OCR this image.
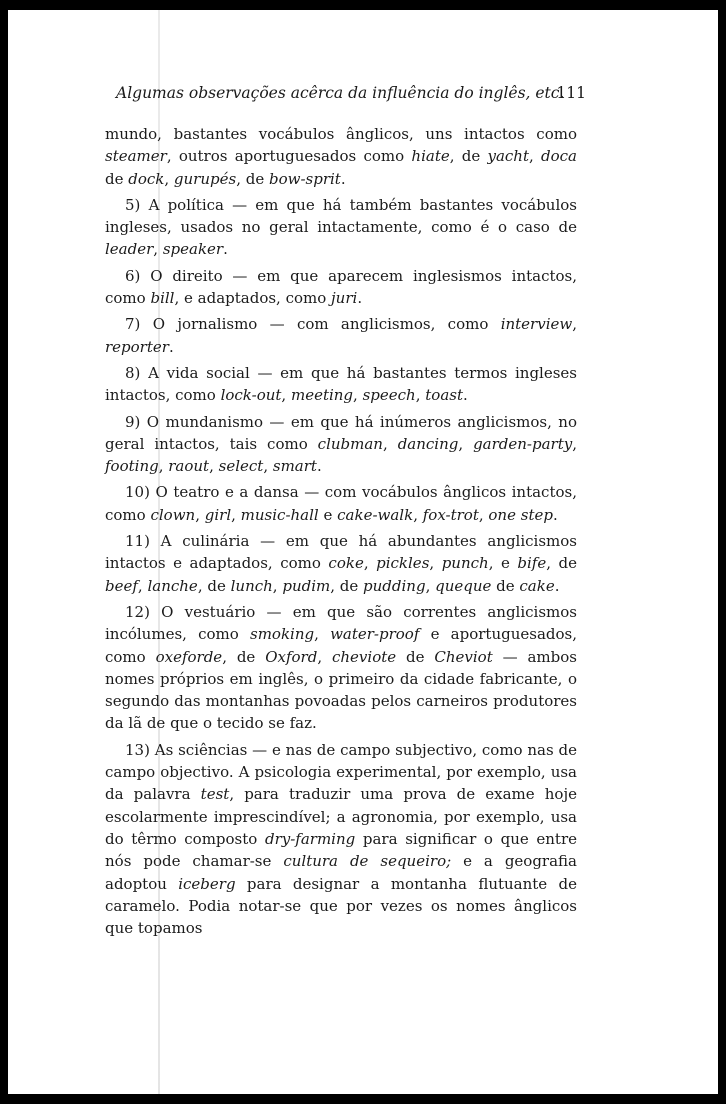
Algumas observações acêrca da influência do inglês, etc.
111

mundo, bastantes vocábulos ânglicos, uns intactos como steamer, outros aportuguesados como hiate, de yacht, doca de dock, gurupés, de bow-sprit.

5) A política — em que há também bastantes vocábulos ingleses, usados no geral intactamente, como é o caso de leader, speaker.

6) O direito — em que aparecem inglesismos intactos, como bill, e adaptados, como juri.

7) O jornalismo — com anglicismos, como interview, reporter.

8) A vida social — em que há bastantes termos ingleses intactos, como lock-out, meeting, speech, toast.

9) O mundanismo — em que há inúmeros anglicismos, no geral intactos, tais como clubman, dancing, garden-party, footing, raout, select, smart.

10) O teatro e a dansa — com vocábulos ânglicos intactos, como clown, girl, music-hall e cake-walk, fox-trot, one step.

11) A culinária — em que há abundantes anglicismos intactos e adaptados, como coke, pickles, punch, e bife, de beef, lanche, de lunch, pudim, de pudding, queque de cake.

12) O vestuário — em que são correntes anglicismos incólumes, como smoking, water-proof e aportuguesados, como oxeforde, de Oxford, cheviote de Cheviot — ambos nomes próprios em inglês, o primeiro da cidade fabricante, o segundo das montanhas povoadas pelos carneiros produtores da lã de que o tecido se faz.

13) As sciências — e nas de campo subjectivo, como nas de campo objectivo. A psicologia experimental, por exemplo, usa da palavra test, para traduzir uma prova de exame hoje escolarmente imprescindível; a agronomia, por exemplo, usa do têrmo composto dry-farming para significar o que entre nós pode chamar-se cultura de sequeiro; e a geografia adoptou iceberg para designar a montanha flutuante de caramelo. Podia notar-se que por vezes os nomes ânglicos que topamos
